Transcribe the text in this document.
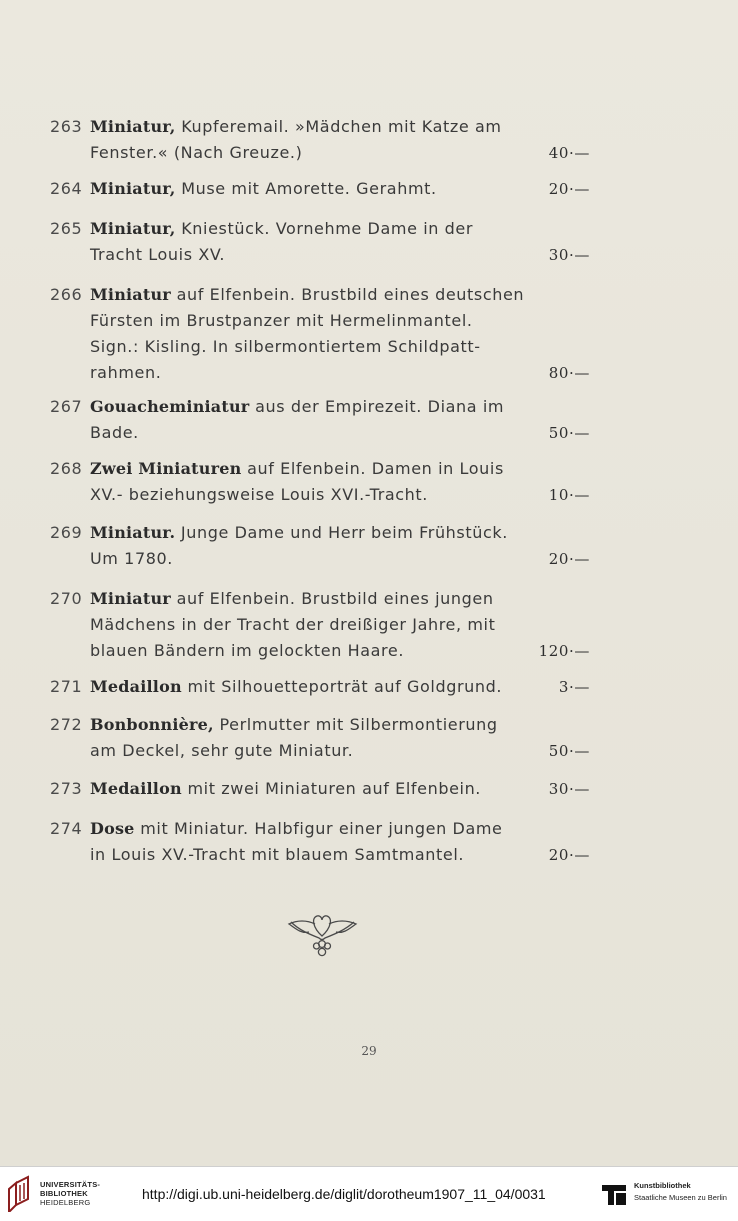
263 Miniatur, Kupferemail. »Mädchen mit Katze am
Fenster.« (Nach Greuze.)	40·—
264 Miniatur, Muse mit Amorette. Gerahmt.	20·—
265 Miniatur, Kniestück. Vornehme Dame in der
Tracht Louis XV.	30·—
266 Miniatur auf Elfenbein. Brustbild eines deutschen
Fürsten im Brustpanzer mit Hermelinmantel.
Sign.: Kisling. In silbermontiertem Schildpatt-
rahmen.	80·—
267 Gouacheminiatur aus der Empirezeit. Diana im
Bade.	50·—
268 Zwei Miniaturen auf Elfenbein. Damen in Louis
XV.- beziehungsweise Louis XVI.-Tracht.	10·—
269 Miniatur. Junge Dame und Herr beim Frühstück.
Um 1780.	20·—
270 Miniatur auf Elfenbein. Brustbild eines jungen
Mädchens in der Tracht der dreißiger Jahre, mit
blauen Bändern im gelockten Haare.	120·—
271 Medaillon mit Silhouetteporträt auf Goldgrund.	3·—
272 Bonbonnière, Perlmutter mit Silbermontierung
am Deckel, sehr gute Miniatur.	50·—
273 Medaillon mit zwei Miniaturen auf Elfenbein.	30·—
274 Dose mit Miniatur. Halbfigur einer jungen Dame
in Louis XV.-Tracht mit blauem Samtmantel.	20·—
29
UNIVERSITÄTS-
BIBLIOTHEK
HEIDELBERG
http://digi.ub.uni-heidelberg.de/diglit/dorotheum1907_11_04/0031
Kunstbibliothek
Staatliche Museen zu Berlin
